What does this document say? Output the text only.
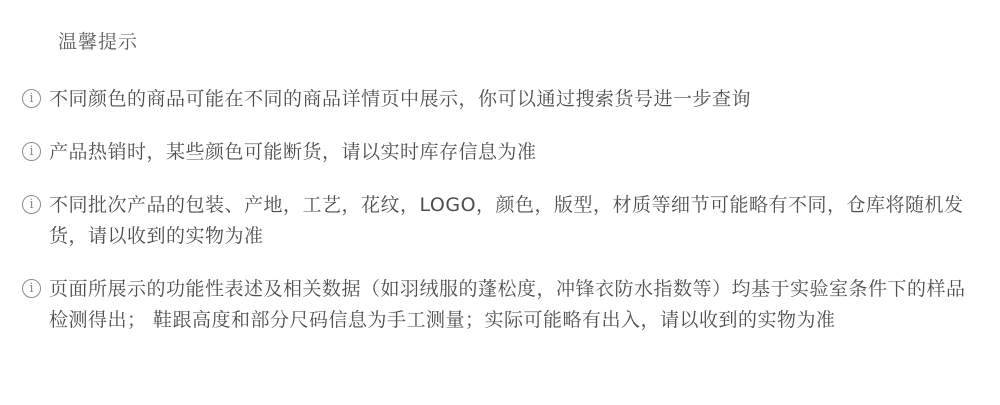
温馨提示
i 不同颜色的商品可能在不同的商品详情页中展示，你可以通过搜索货号进一步查询
i 产品热销时，某些颜色可能断货，请以实时库存信息为准
i 不同批次产品的包装、产地，工艺，花纹，LOGO，颜色，版型，材质等细节可能略有不同，仓库将随机发货，请以收到的实物为准
i 页面所展示的功能性表述及相关数据（如羽绒服的蓬松度，冲锋衣防水指数等）均基于实验室条件下的样品检测得出； 鞋跟高度和部分尺码信息为手工测量；实际可能略有出入，请以收到的实物为准
